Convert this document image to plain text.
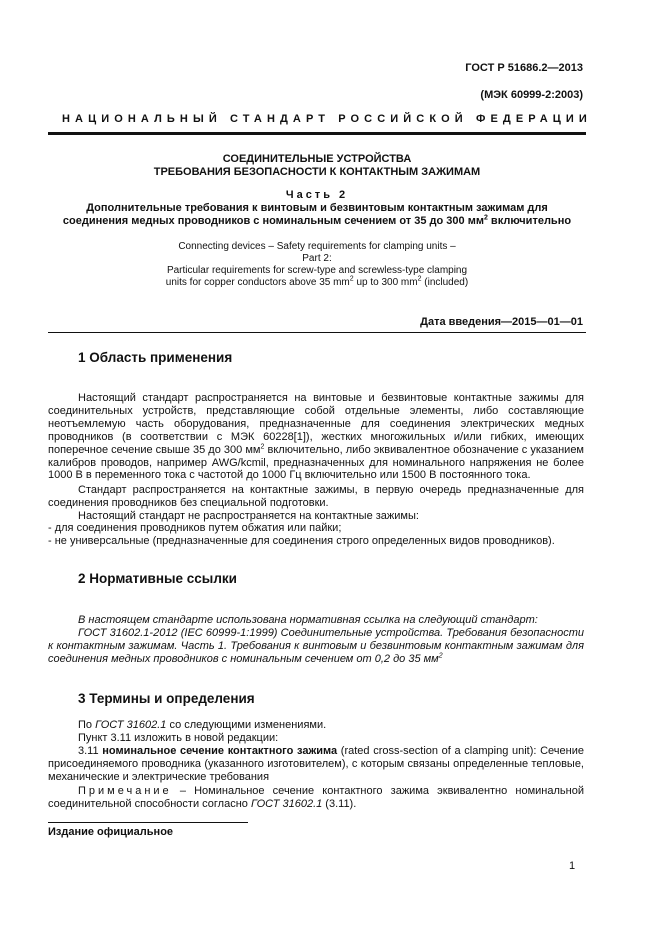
ГОСТ Р 51686.2—2013
(МЭК 60999-2:2003)
НАЦИОНАЛЬНЫЙ СТАНДАРТ РОССИЙСКОЙ ФЕДЕРАЦИИ
СОЕДИНИТЕЛЬНЫЕ УСТРОЙСТВА
ТРЕБОВАНИЯ БЕЗОПАСНОСТИ К КОНТАКТНЫМ ЗАЖИМАМ
Часть 2
Дополнительные требования к винтовым и безвинтовым контактным зажимам для
соединения медных проводников с номинальным сечением от 35 до 300 $мм^2$ включительно
Connecting devices – Safety requirements for clamping units –
Part 2:
Particular requirements for screw-type and screwless-type clamping
units for copper conductors above 35 $mm^2$ up to 300 $mm^2$ (included)
Дата введения—2015—01—01
1 Область применения
Настоящий стандарт распространяется на винтовые и безвинтовые контактные зажимы для соединительных устройств, представляющие собой отдельные элементы, либо составляющие неотъемлемую часть оборудования, предназначенные для соединения электрических медных проводников (в соответствии с МЭК 60228[1]), жестких многожильных и/или гибких, имеющих поперечное сечение свыше 35 до 300 $мм^2$ включительно, либо эквивалентное обозначение с указанием калибров проводов, например AWG/kcmil, предназначенных для номинального напряжения не более 1000 В в переменного тока с частотой до 1000 Гц включительно или 1500 В постоянного тока.
Стандарт распространяется на контактные зажимы, в первую очередь предназначенные для соединения проводников без специальной подготовки.
Настоящий стандарт не распространяется на контактные зажимы:
- для соединения проводников путем обжатия или пайки;
- не универсальные (предназначенные для соединения строго определенных видов проводников).
2 Нормативные ссылки
В настоящем стандарте использована нормативная ссылка на следующий стандарт:
ГОСТ 31602.1-2012 (IEC 60999-1:1999) Соединительные устройства. Требования безопасности к контактным зажимам. Часть 1. Требования к винтовым и безвинтовым контактным зажимам для соединения медных проводников с номинальным сечением от 0,2 до 35 $мм^2$
3 Термины и определения
По ГОСТ 31602.1 со следующими изменениями.
Пункт 3.11 изложить в новой редакции:
3.11 номинальное сечение контактного зажима (rated cross-section of a clamping unit): Сечение присоединяемого проводника (указанного изготовителем), с которым связаны определенные тепловые, механические и электрические требования
Примечание – Номинальное сечение контактного зажима эквивалентно номинальной соединительной способности согласно ГОСТ 31602.1 (3.11).
Издание официальное
1
